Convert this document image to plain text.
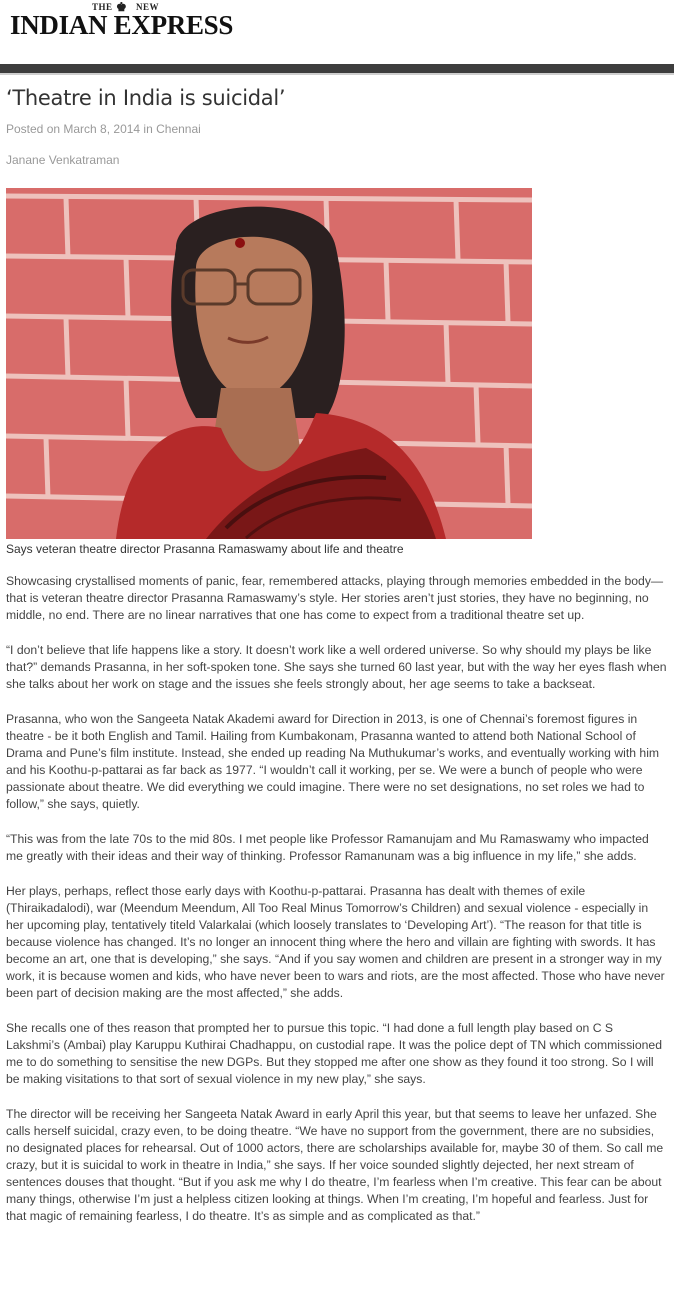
THE ♚ NEW
INDIAN EXPRESS
‘Theatre in India is suicidal’
Posted on March 8, 2014 in Chennai
Janane Venkatraman
Says veteran theatre director Prasanna Ramaswamy about life and theatre

Showcasing crystallised moments of panic, fear, remembered attacks, playing through memories embedded in the body—that is veteran theatre director Prasanna Ramaswamy’s style. Her stories aren’t just stories, they have no beginning, no middle, no end. There are no linear narratives that one has come to expect from a traditional theatre set up.

“I don’t believe that life happens like a story. It doesn’t work like a well ordered universe. So why should my plays be like that?” demands Prasanna, in her soft-spoken tone. She says she turned 60 last year, but with the way her eyes flash when she talks about her work on stage and the issues she feels strongly about, her age seems to take a backseat.

Prasanna, who won the Sangeeta Natak Akademi award for Direction in 2013, is one of Chennai’s foremost figures in theatre - be it both English and Tamil. Hailing from Kumbakonam, Prasanna wanted to attend both National School of Drama and Pune’s film institute. Instead, she ended up reading Na Muthukumar’s works, and eventually working with him and his Koothu-p-pattarai as far back as 1977. “I wouldn’t call it working, per se. We were a bunch of people who were passionate about theatre. We did everything we could imagine. There were no set designations, no set roles we had to follow,” she says, quietly.

“This was from the late 70s to the mid 80s. I met people like Professor Ramanujam and Mu Ramaswamy who impacted me greatly with their ideas and their way of thinking. Professor Ramanunam was a big influence in my life,” she adds.

Her plays, perhaps, reflect those early days with Koothu-p-pattarai. Prasanna has dealt with themes of exile (Thiraikadalodi), war (Meendum Meendum, All Too Real Minus Tomorrow’s Children) and sexual violence - especially in her upcoming play, tentatively titeld Valarkalai (which loosely translates to ‘Developing Art’). “The reason for that title is because violence has changed. It’s no longer an innocent thing where the hero and villain are fighting with swords. It has become an art, one that is developing,” she says. “And if you say women and children are present in a stronger way in my work, it is because women and kids, who have never been to wars and riots, are the most affected. Those who have never been part of decision making are the most affected,” she adds.

She recalls one of thes reason that prompted her to pursue this topic. “I had done a full length play based on C S Lakshmi’s (Ambai) play Karuppu Kuthirai Chadhappu, on custodial rape. It was the police dept of TN which commissioned me to do something to sensitise the new DGPs. But they stopped me after one show as they found it too strong. So I will be making visitations to that sort of sexual violence in my new play,” she says.

The director will be receiving her Sangeeta Natak Award in early April this year, but that seems to leave her unfazed. She calls herself suicidal, crazy even, to be doing theatre. “We have no support from the government, there are no subsidies, no designated places for rehearsal. Out of 1000 actors, there are scholarships available for, maybe 30 of them. So call me crazy, but it is suicidal to work in theatre in India,” she says. If her voice sounded slightly dejected, her next stream of sentences douses that thought. “But if you ask me why I do theatre, I’m fearless when I’m creative. This fear can be about many things, otherwise I’m just a helpless citizen looking at things. When I’m creating, I’m hopeful and fearless. Just for that magic of remaining fearless, I do theatre. It’s as simple and as complicated as that.”
